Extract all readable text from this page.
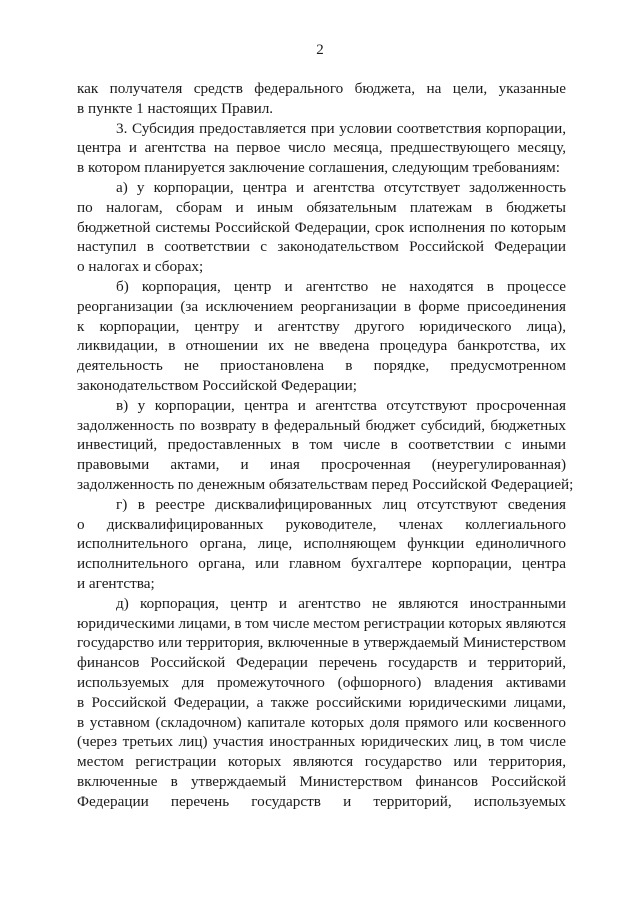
2
как получателя средств федерального бюджета, на цели, указанные
в пункте 1 настоящих Правил.
3. Субсидия предоставляется при условии соответствия корпорации,
центра и агентства на первое число месяца, предшествующего месяцу,
в котором планируется заключение соглашения, следующим требованиям:
а) у корпорации, центра и агентства отсутствует задолженность
по налогам, сборам и иным обязательным платежам в бюджеты
бюджетной системы Российской Федерации, срок исполнения по которым
наступил в соответствии с законодательством Российской Федерации
о налогах и сборах;
б) корпорация, центр и агентство не находятся в процессе
реорганизации (за исключением реорганизации в форме присоединения
к корпорации, центру и агентству другого юридического лица),
ликвидации, в отношении их не введена процедура банкротства, их
деятельность не приостановлена в порядке, предусмотренном
законодательством Российской Федерации;
в) у корпорации, центра и агентства отсутствуют просроченная
задолженность по возврату в федеральный бюджет субсидий, бюджетных
инвестиций, предоставленных в том числе в соответствии с иными
правовыми актами, и иная просроченная (неурегулированная)
задолженность по денежным обязательствам перед Российской Федерацией;
г) в реестре дисквалифицированных лиц отсутствуют сведения
о дисквалифицированных руководителе, членах коллегиального
исполнительного органа, лице, исполняющем функции единоличного
исполнительного органа, или главном бухгалтере корпорации, центра
и агентства;
д) корпорация, центр и агентство не являются иностранными
юридическими лицами, в том числе местом регистрации которых являются
государство или территория, включенные в утверждаемый Министерством
финансов Российской Федерации перечень государств и территорий,
используемых для промежуточного (офшорного) владения активами
в Российской Федерации, а также российскими юридическими лицами,
в уставном (складочном) капитале которых доля прямого или косвенного
(через третьих лиц) участия иностранных юридических лиц, в том числе
местом регистрации которых являются государство или территория,
включенные в утверждаемый Министерством финансов Российской
Федерации перечень государств и территорий, используемых
